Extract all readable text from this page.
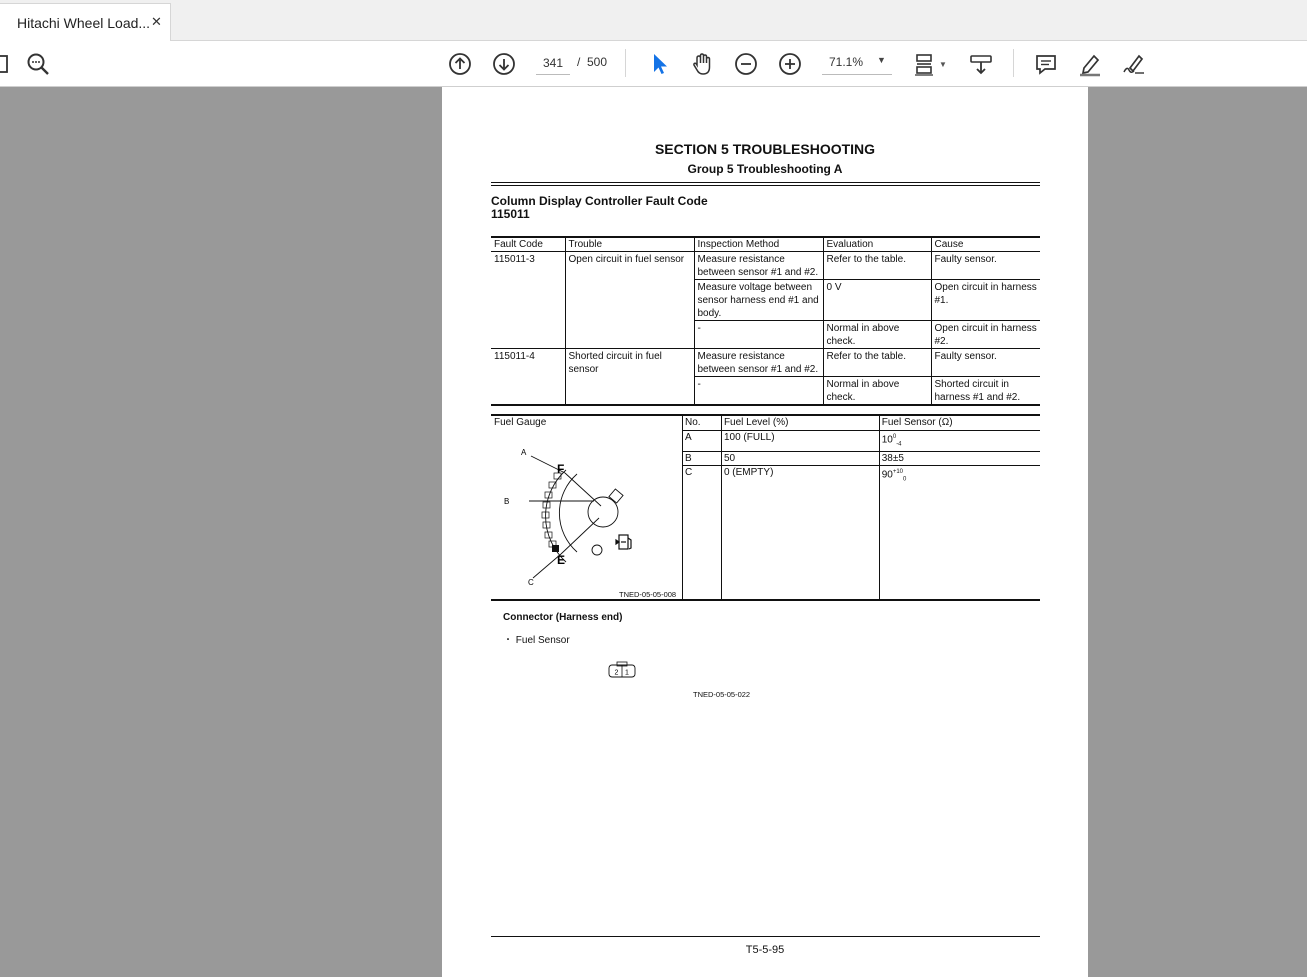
Hitachi Wheel Load... ✕
341
/ 500	71.1% ▼	▼
SECTION 5 TROUBLESHOOTING
Group 5 Troubleshooting A
Column Display Controller Fault Code
115011
Fault Code	Trouble	Inspection Method	Evaluation	Cause
115011-3	Open circuit in fuel sensor	Measure resistance between sensor #1 and #2.	Refer to the table.	Faulty sensor.
		Measure voltage between sensor harness end #1 and body.	0 V	Open circuit in harness #1.
		-	Normal in above check.	Open circuit in harness #2.
115011-4	Shorted circuit in fuel sensor	Measure resistance between sensor #1 and #2.	Refer to the table.	Faulty sensor.
		-	Normal in above check.	Shorted circuit in harness #1 and #2.
Fuel Gauge
A
B
C
F
E
TNED-05-05-008
No.	Fuel Level (%)	Fuel Sensor (Ω)
A	100 (FULL)	$10^0_{-4}$
B	50	38±5
C	0 (EMPTY)	$90^{+10}_0$
Connector (Harness end)
・ Fuel Sensor
2 1
TNED-05-05-022
T5-5-95
